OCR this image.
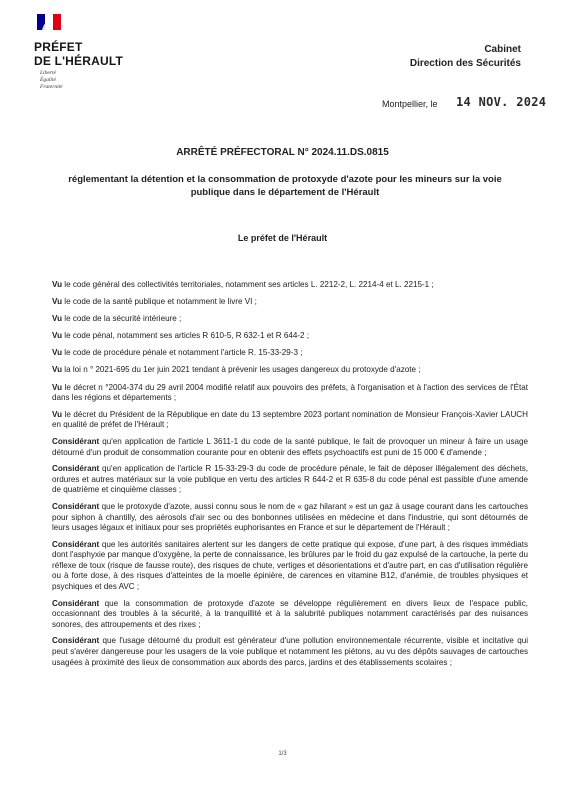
PRÉFET
DE L'HÉRAULT
Liberté
Égalité
Fraternité
Cabinet
Direction des Sécurités
Montpellier, le 14 NOV. 2024
ARRÊTÉ PRÉFECTORAL N° 2024.11.DS.0815
réglementant la détention et la consommation de protoxyde d'azote pour les mineurs sur la voie publique dans le département de l'Hérault
Le préfet de l'Hérault

Vu le code général des collectivités territoriales, notamment ses articles L. 2212-2, L. 2214-4 et L. 2215-1 ;

Vu le code de la santé publique et notamment le livre VI ;

Vu le code de la sécurité intérieure ;

Vu le code pénal, notamment ses articles R 610-5, R 632-1 et R 644-2 ;

Vu le code de procédure pénale et notamment l'article R. 15-33-29-3 ;

Vu la loi n ° 2021-695 du 1er juin 2021 tendant à prévenir les usages dangereux du protoxyde d'azote ;

Vu le décret n °2004-374 du 29 avril 2004 modifié relatif aux pouvoirs des préfets, à l'organisation et à l'action des services de l'État dans les régions et départements ;

Vu le décret du Président de la République en date du 13 septembre 2023 portant nomination de Monsieur François-Xavier LAUCH en qualité de préfet de l'Hérault ;

Considérant qu'en application de l'article L 3611-1 du code de la santé publique, le fait de provoquer un mineur à faire un usage détourné d'un produit de consommation courante pour en obtenir des effets psychoactifs est puni de 15 000 € d'amende ;

Considérant qu'en application de l'article R 15-33-29-3 du code de procédure pénale, le fait de déposer illégalement des déchets, ordures et autres matériaux sur la voie publique en vertu des articles R 644-2 et R 635-8 du code pénal est passible d'une amende de quatrième et cinquième classes ;

Considérant que le protoxyde d'azote, aussi connu sous le nom de « gaz hilarant » est un gaz à usage courant dans les cartouches pour siphon à chantilly, des aérosols d'air sec ou des bonbonnes utilisées en médecine et dans l'industrie, qui sont détournés de leurs usages légaux et initiaux pour ses propriétés euphorisantes en France et sur le département de l'Hérault ;

Considérant que les autorités sanitaires alertent sur les dangers de cette pratique qui expose, d'une part, à des risques immédiats dont l'asphyxie par manque d'oxygène, la perte de connaissance, les brûlures par le froid du gaz expulsé de la cartouche, la perte du réflexe de toux (risque de fausse route), des risques de chute, vertiges et désorientations et d'autre part, en cas d'utilisation régulière ou à forte dose, à des risques d'atteintes de la moelle épinière, de carences en vitamine B12, d'anémie, de troubles physiques et psychiques et des AVC ;

Considérant que la consommation de protoxyde d'azote se développe régulièrement en divers lieux de l'espace public, occasionnant des troubles à la sécurité, à la tranquillité et à la salubrité publiques notamment caractérisés par des nuisances sonores, des attroupements et des rixes ;

Considérant que l'usage détourné du produit est générateur d'une pollution environnementale récurrente, visible et incitative qui peut s'avérer dangereuse pour les usagers de la voie publique et notamment les piétons, au vu des dépôts sauvages de cartouches usagées à proximité des lieux de consommation aux abords des parcs, jardins et des établissements scolaires ;

1/3
